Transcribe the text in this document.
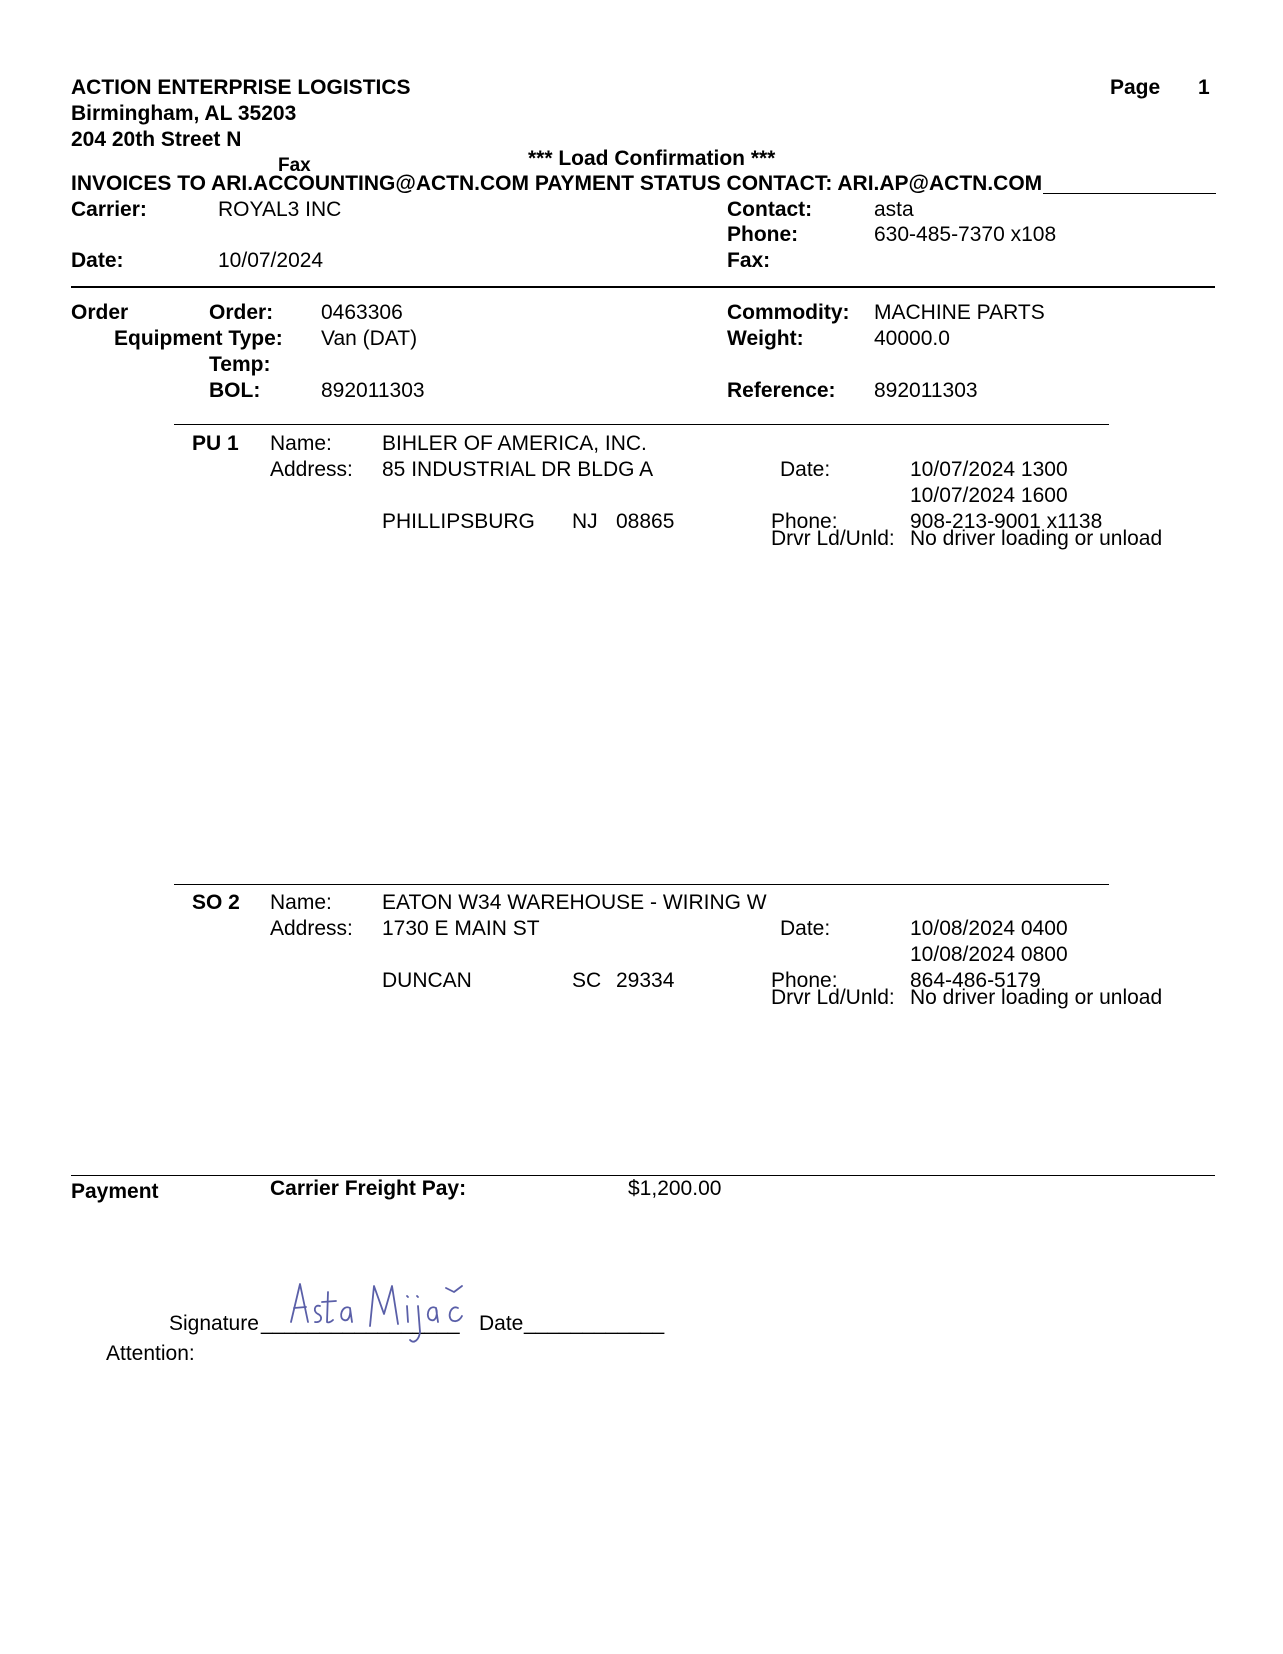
ACTION ENTERPRISE LOGISTICS
Birmingham, AL 35203
204 20th Street N
Page 1
Fax	*** Load Confirmation ***
INVOICES TO ARI.ACCOUNTING@ACTN.COM PAYMENT STATUS CONTACT: ARI.AP@ACTN.COM
Carrier:	ROYAL3 INC
Date:	10/07/2024
Contact:	asta
Phone:	630-485-7370 x108
Fax:
Order	Order: 0463306
Equipment Type: Van (DAT)
Temp:
BOL:	892011303
Commodity: MACHINE PARTS
Weight:	40000.0
Reference: 892011303
PU 1 Name: BIHLER OF AMERICA, INC.
Address: 85 INDUSTRIAL DR BLDG A
PHILLIPSBURG NJ 08865
Date:	10/07/2024 1300
10/07/2024 1600
Phone:	908-213-9001 x1138
Drvr Ld/Unld: No driver loading or unload
SO 2 Name: EATON W34 WAREHOUSE - WIRING W
Address: 1730 E MAIN ST
DUNCAN	SC 29334
Date:	10/08/2024 0400
10/08/2024 0800
Phone:	864-486-5179
Drvr Ld/Unld: No driver loading or unload
Payment	Carrier Freight Pay:	$1,200.00
Signature _________________ Date ____________
Attention:
